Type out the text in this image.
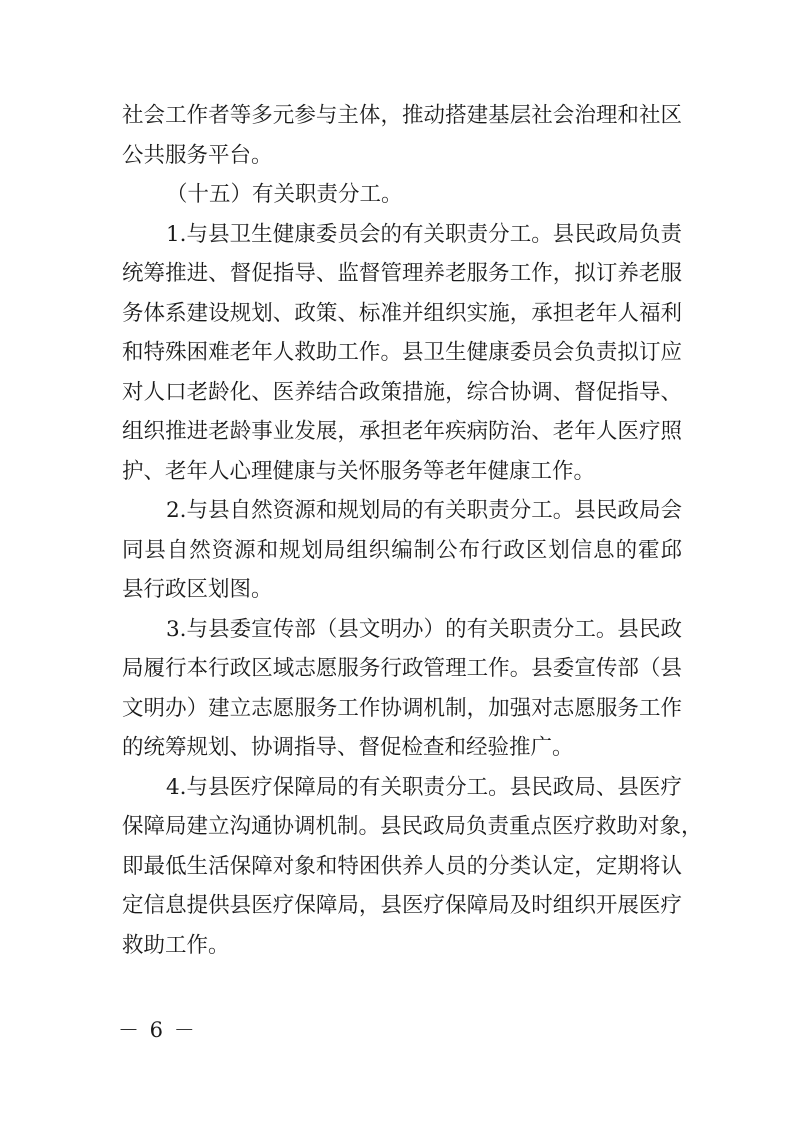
社会工作者等多元参与主体，推动搭建基层社会治理和社区
公共服务平台。
（十五）有关职责分工。
1.与县卫生健康委员会的有关职责分工。县民政局负责
统筹推进、督促指导、监督管理养老服务工作，拟订养老服
务体系建设规划、政策、标准并组织实施，承担老年人福利
和特殊困难老年人救助工作。县卫生健康委员会负责拟订应
对人口老龄化、医养结合政策措施，综合协调、督促指导、
组织推进老龄事业发展，承担老年疾病防治、老年人医疗照
护、老年人心理健康与关怀服务等老年健康工作。
2.与县自然资源和规划局的有关职责分工。县民政局会
同县自然资源和规划局组织编制公布行政区划信息的霍邱
县行政区划图。
3.与县委宣传部（县文明办）的有关职责分工。县民政
局履行本行政区域志愿服务行政管理工作。县委宣传部（县
文明办）建立志愿服务工作协调机制，加强对志愿服务工作
的统筹规划、协调指导、督促检查和经验推广。
4.与县医疗保障局的有关职责分工。县民政局、县医疗
保障局建立沟通协调机制。县民政局负责重点医疗救助对象，
即最低生活保障对象和特困供养人员的分类认定，定期将认
定信息提供县医疗保障局，县医疗保障局及时组织开展医疗
救助工作。
－ 6 －
